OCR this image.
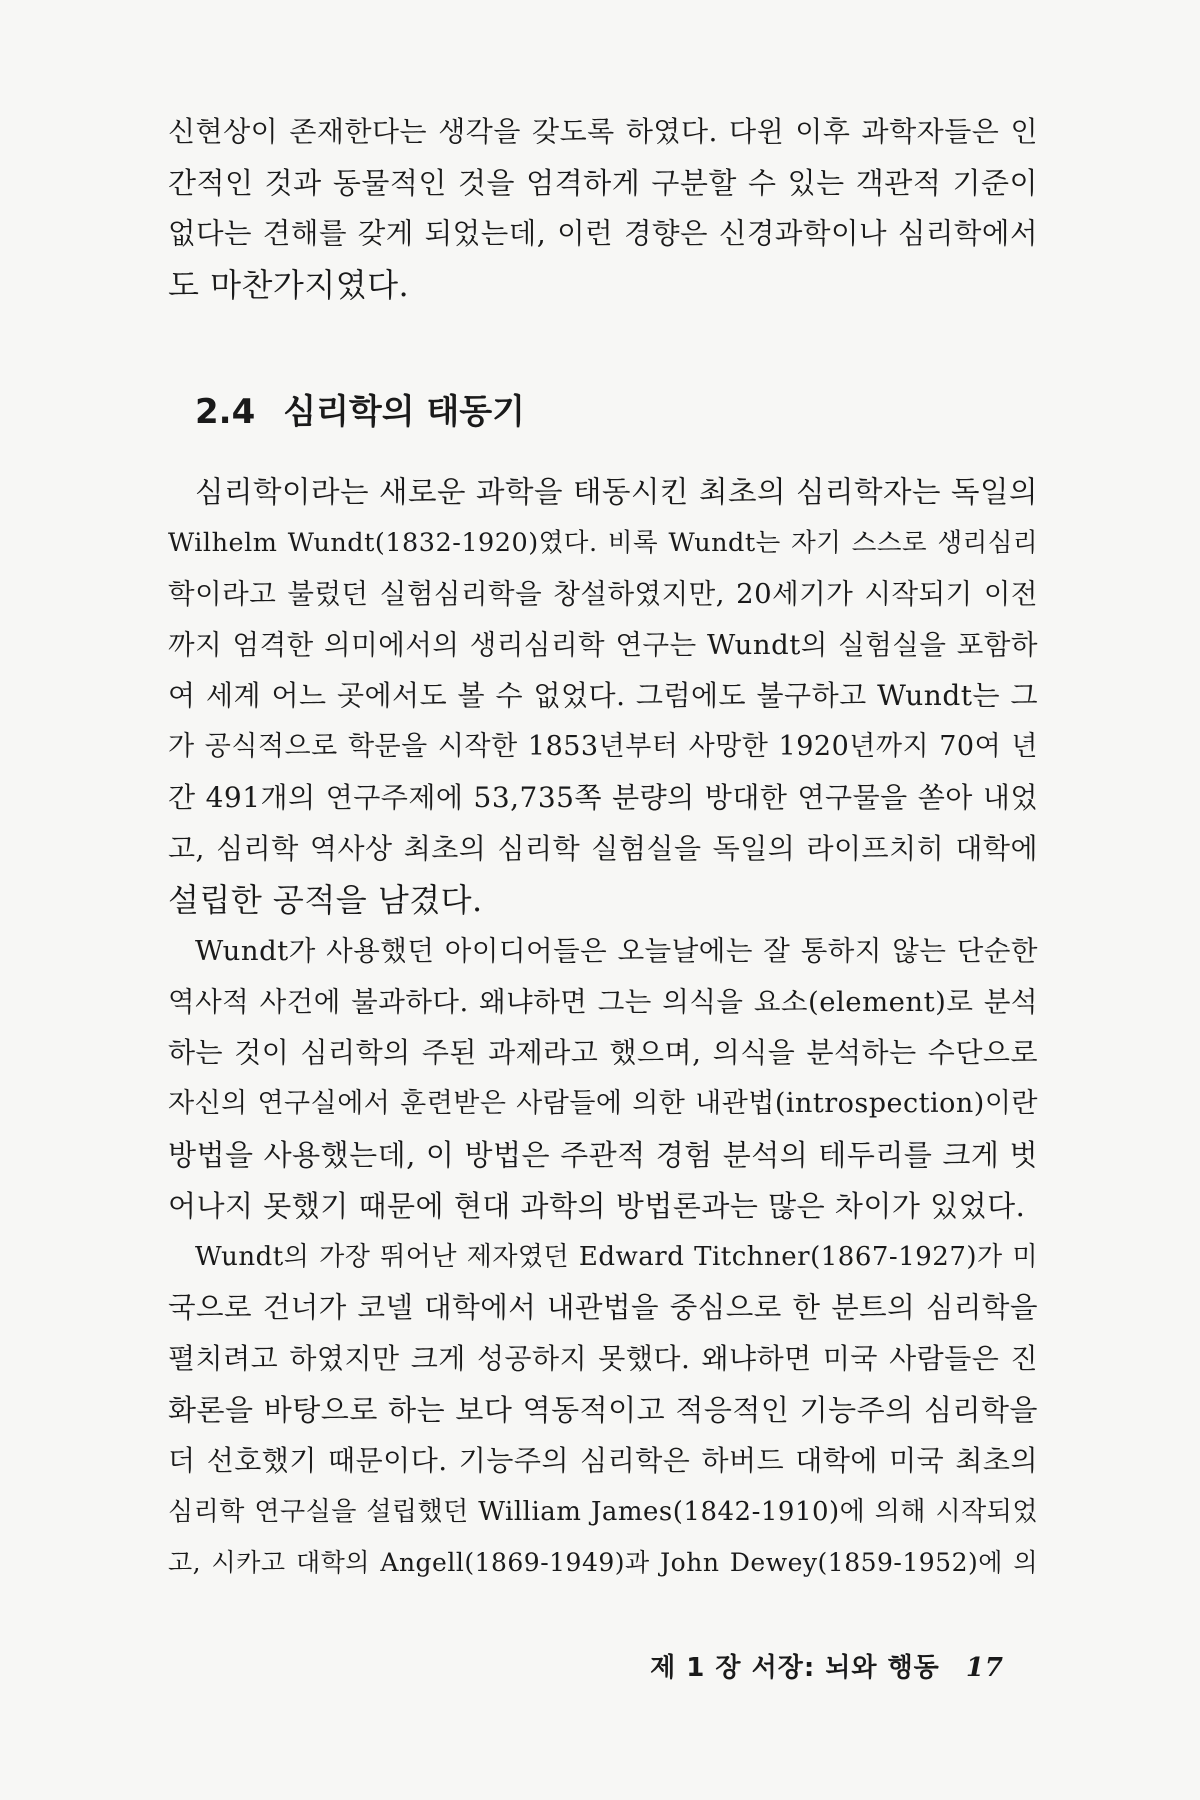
신현상이 존재한다는 생각을 갖도록 하였다. 다윈 이후 과학자들은 인
간적인 것과 동물적인 것을 엄격하게 구분할 수 있는 객관적 기준이
없다는 견해를 갖게 되었는데, 이런 경향은 신경과학이나 심리학에서
도 마찬가지였다.
2.4 심리학의 태동기
심리학이라는 새로운 과학을 태동시킨 최초의 심리학자는 독일의
Wilhelm Wundt(1832-1920)였다. 비록 Wundt는 자기 스스로 생리심리
학이라고 불렀던 실험심리학을 창설하였지만, 20세기가 시작되기 이전
까지 엄격한 의미에서의 생리심리학 연구는 Wundt의 실험실을 포함하
여 세계 어느 곳에서도 볼 수 없었다. 그럼에도 불구하고 Wundt는 그
가 공식적으로 학문을 시작한 1853년부터 사망한 1920년까지 70여 년
간 491개의 연구주제에 53,735쪽 분량의 방대한 연구물을 쏟아 내었
고, 심리학 역사상 최초의 심리학 실험실을 독일의 라이프치히 대학에
설립한 공적을 남겼다.
Wundt가 사용했던 아이디어들은 오늘날에는 잘 통하지 않는 단순한
역사적 사건에 불과하다. 왜냐하면 그는 의식을 요소(element)로 분석
하는 것이 심리학의 주된 과제라고 했으며, 의식을 분석하는 수단으로
자신의 연구실에서 훈련받은 사람들에 의한 내관법(introspection)이란
방법을 사용했는데, 이 방법은 주관적 경험 분석의 테두리를 크게 벗
어나지 못했기 때문에 현대 과학의 방법론과는 많은 차이가 있었다.
Wundt의 가장 뛰어난 제자였던 Edward Titchner(1867-1927)가 미
국으로 건너가 코넬 대학에서 내관법을 중심으로 한 분트의 심리학을
펼치려고 하였지만 크게 성공하지 못했다. 왜냐하면 미국 사람들은 진
화론을 바탕으로 하는 보다 역동적이고 적응적인 기능주의 심리학을
더 선호했기 때문이다. 기능주의 심리학은 하버드 대학에 미국 최초의
심리학 연구실을 설립했던 William James(1842-1910)에 의해 시작되었
고, 시카고 대학의 Angell(1869-1949)과 John Dewey(1859-1952)에 의
제 1 장 서장: 뇌와 행동 17
